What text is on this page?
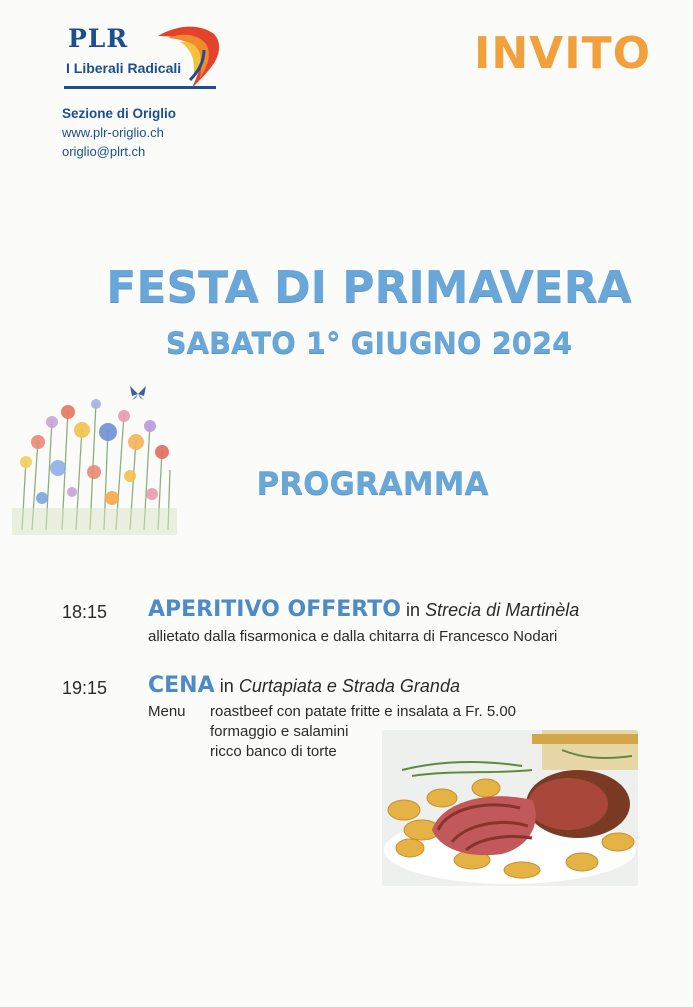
PLR
I Liberali Radicali
Sezione di Origlio
www.plr-origlio.ch
origlio@plrt.ch
INVITO
FESTA DI PRIMAVERA
SABATO 1° GIUGNO 2024
PROGRAMMA
18:15 APERITIVO OFFERTO in Strecia di Martinèla
allietato dalla fisarmonica e dalla chitarra di Francesco Nodari
19:15 CENA in Curtapiata e Strada Granda
Menu roastbeef con patate fritte e insalata a Fr. 5.00
formaggio e salamini
ricco banco di torte
